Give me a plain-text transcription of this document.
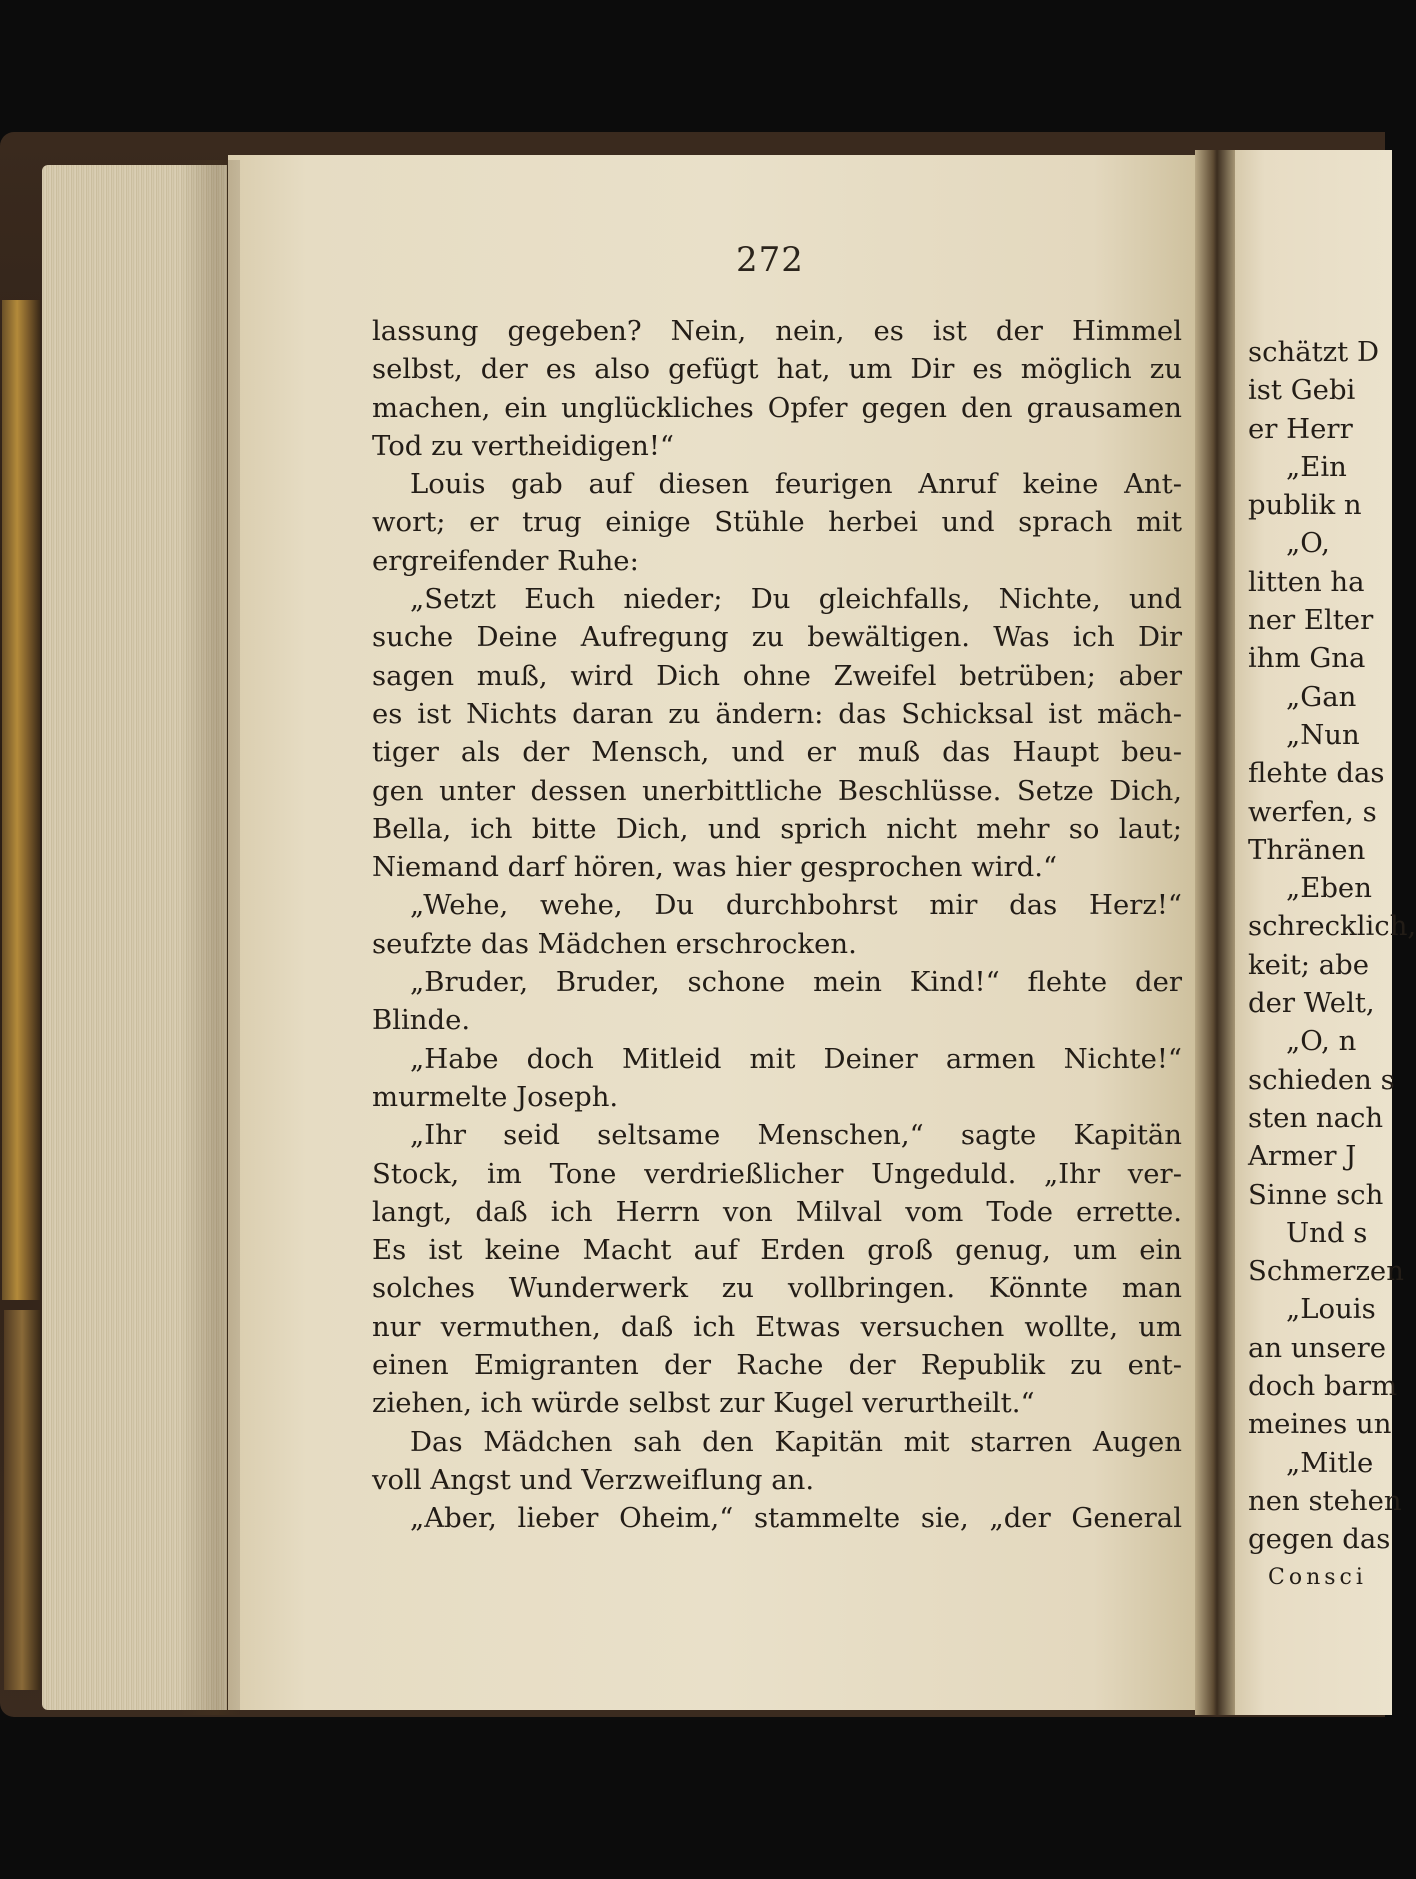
272
lassung gegeben? Nein, nein, es ist der Himmel
selbst, der es also gefügt hat, um Dir es möglich zu
machen, ein unglückliches Opfer gegen den grausamen
Tod zu vertheidigen!“
Louis gab auf diesen feurigen Anruf keine Ant-
wort; er trug einige Stühle herbei und sprach mit
ergreifender Ruhe:
„Setzt Euch nieder; Du gleichfalls, Nichte, und
suche Deine Aufregung zu bewältigen. Was ich Dir
sagen muß, wird Dich ohne Zweifel betrüben; aber
es ist Nichts daran zu ändern: das Schicksal ist mäch-
tiger als der Mensch, und er muß das Haupt beu-
gen unter dessen unerbittliche Beschlüsse. Setze Dich,
Bella, ich bitte Dich, und sprich nicht mehr so laut;
Niemand darf hören, was hier gesprochen wird.“
„Wehe, wehe, Du durchbohrst mir das Herz!“
seufzte das Mädchen erschrocken.
„Bruder, Bruder, schone mein Kind!“ flehte der
Blinde.
„Habe doch Mitleid mit Deiner armen Nichte!“
murmelte Joseph.
„Ihr seid seltsame Menschen,“ sagte Kapitän
Stock, im Tone verdrießlicher Ungeduld. „Ihr ver-
langt, daß ich Herrn von Milval vom Tode errette.
Es ist keine Macht auf Erden groß genug, um ein
solches Wunderwerk zu vollbringen. Könnte man
nur vermuthen, daß ich Etwas versuchen wollte, um
einen Emigranten der Rache der Republik zu ent-
ziehen, ich würde selbst zur Kugel verurtheilt.“
Das Mädchen sah den Kapitän mit starren Augen
voll Angst und Verzweiflung an.
„Aber, lieber Oheim,“ stammelte sie, „der General
schätzt D
ist Gebi
er Herr
„Ein
publik n
„O,
litten ha
ner Elter
ihm Gna
„Gan
„Nun
flehte das
werfen, s
Thränen
„Eben
schrecklich,
keit; abe
der Welt,
„O, n
schieden s
sten nach
Armer J
Sinne sch
Und s
Schmerzen
„Louis
an unsere
doch barm
meines un
„Mitle
nen stehen
gegen das
Consci
